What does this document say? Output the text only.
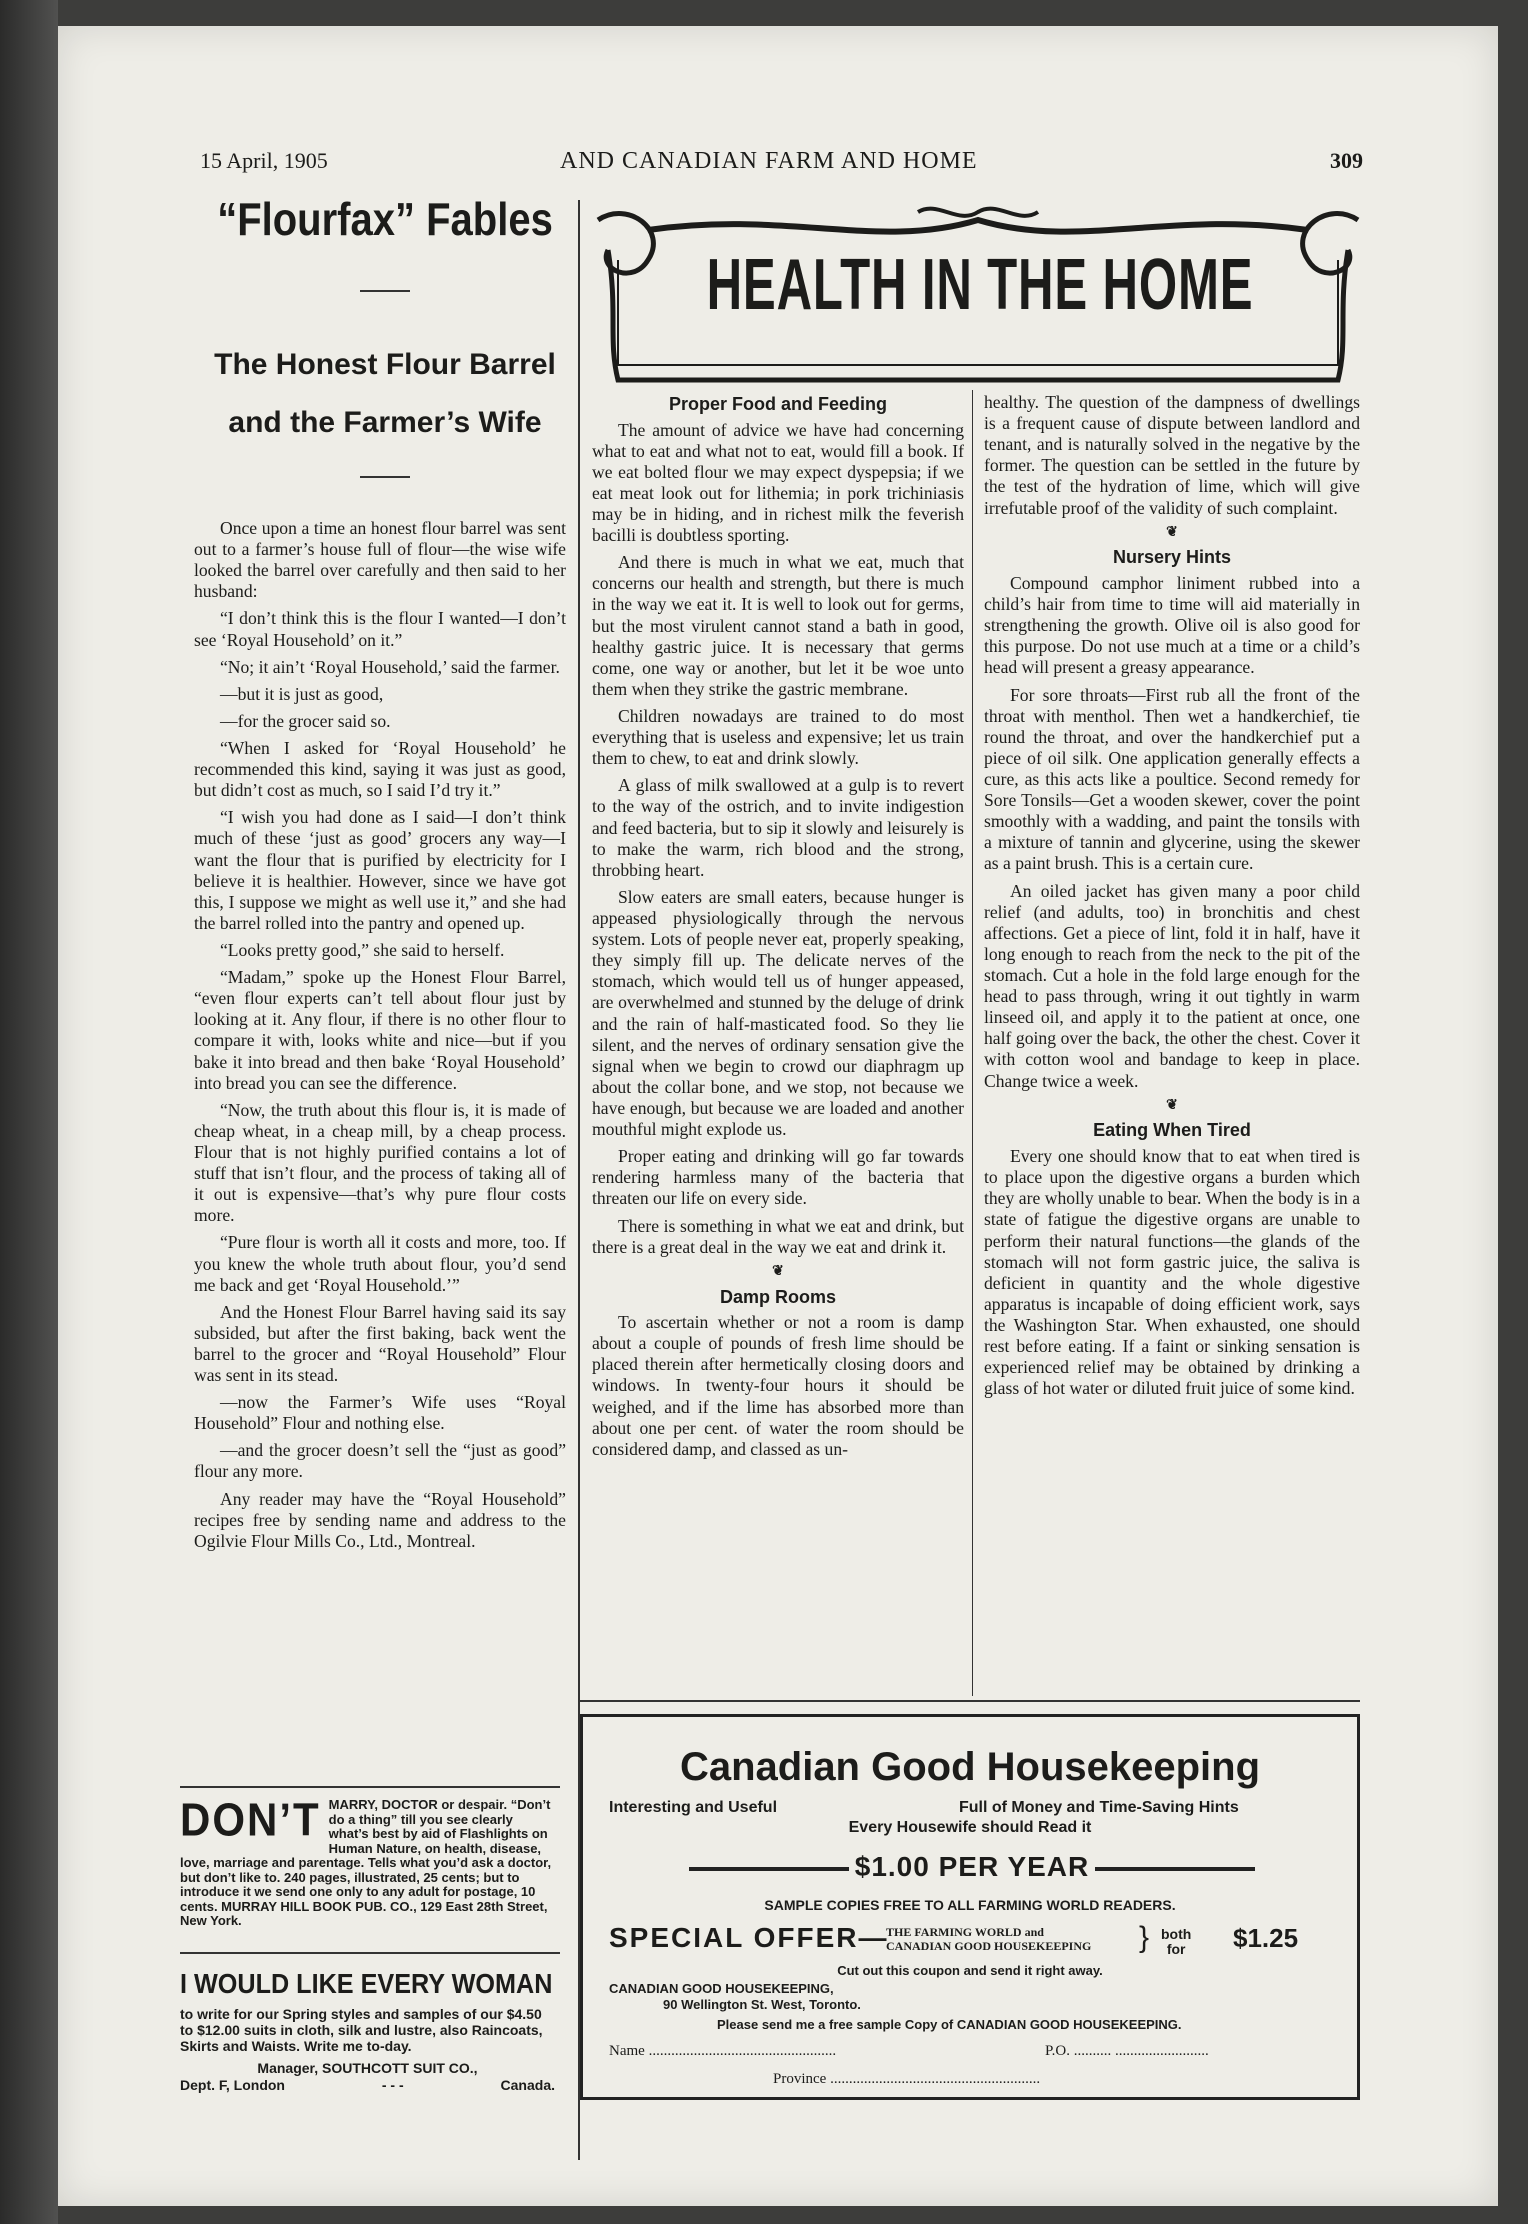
15 April, 1905	AND CANADIAN FARM AND HOME	309
“Flourfax” Fables
The Honest Flour Barrel
and the Farmer’s Wife

Once upon a time an honest flour barrel was sent out to a farmer’s house full of flour—the wise wife looked the barrel over carefully and then said to her husband:

“I don’t think this is the flour I wanted—I don’t see ‘Royal Household’ on it.”

“No; it ain’t ‘Royal Household,’ said the farmer.

—but it is just as good,

—for the grocer said so.

“When I asked for ‘Royal Household’ he recommended this kind, saying it was just as good, but didn’t cost as much, so I said I’d try it.”

“I wish you had done as I said—I don’t think much of these ‘just as good’ grocers any way—I want the flour that is purified by electricity for I believe it is healthier. However, since we have got this, I suppose we might as well use it,” and she had the barrel rolled into the pantry and opened up.

“Looks pretty good,” she said to herself.

“Madam,” spoke up the Honest Flour Barrel, “even flour experts can’t tell about flour just by looking at it. Any flour, if there is no other flour to compare it with, looks white and nice—but if you bake it into bread and then bake ‘Royal Household’ into bread you can see the difference.

“Now, the truth about this flour is, it is made of cheap wheat, in a cheap mill, by a cheap process. Flour that is not highly purified contains a lot of stuff that isn’t flour, and the process of taking all of it out is expensive—that’s why pure flour costs more.

“Pure flour is worth all it costs and more, too. If you knew the whole truth about flour, you’d send me back and get ‘Royal Household.’”

And the Honest Flour Barrel having said its say subsided, but after the first baking, back went the barrel to the grocer and “Royal Household” Flour was sent in its stead.

—now the Farmer’s Wife uses “Royal Household” Flour and nothing else.

—and the grocer doesn’t sell the “just as good” flour any more.

Any reader may have the “Royal Household” recipes free by sending name and address to the Ogilvie Flour Mills Co., Ltd., Montreal.

DON’T MARRY, DOCTOR or despair. “Don’t do a thing” till you see clearly what’s best by aid of Flashlights on Human Nature, on health, disease, love, marriage and parentage. Tells what you’d ask a doctor, but don’t like to. 240 pages, illustrated, 25 cents; but to introduce it we send one only to any adult for postage, 10 cents. MURRAY HILL BOOK PUB. CO., 129 East 28th Street, New York.
I WOULD LIKE EVERY WOMAN
to write for our Spring styles and samples of our $4.50 to $12.00 suits in cloth, silk and lustre, also Raincoats, Skirts and Waists. Write me to-day.
Manager, SOUTHCOTT SUIT CO.,
Dept. F, London	- - -	Canada.
HEALTH IN THE HOME
Proper Food and Feeding

The amount of advice we have had concerning what to eat and what not to eat, would fill a book. If we eat bolted flour we may expect dyspepsia; if we eat meat look out for lithemia; in pork trichiniasis may be in hiding, and in richest milk the feverish bacilli is doubtless sporting.

And there is much in what we eat, much that concerns our health and strength, but there is much in the way we eat it. It is well to look out for germs, but the most virulent cannot stand a bath in good, healthy gastric juice. It is necessary that germs come, one way or another, but let it be woe unto them when they strike the gastric membrane.

Children nowadays are trained to do most everything that is useless and expensive; let us train them to chew, to eat and drink slowly.

A glass of milk swallowed at a gulp is to revert to the way of the ostrich, and to invite indigestion and feed bacteria, but to sip it slowly and leisurely is to make the warm, rich blood and the strong, throbbing heart.

Slow eaters are small eaters, because hunger is appeased physiologically through the nervous system. Lots of people never eat, properly speaking, they simply fill up. The delicate nerves of the stomach, which would tell us of hunger appeased, are overwhelmed and stunned by the deluge of drink and the rain of half-masticated food. So they lie silent, and the nerves of ordinary sensation give the signal when we begin to crowd our diaphragm up about the collar bone, and we stop, not because we have enough, but because we are loaded and another mouthful might explode us.

Proper eating and drinking will go far towards rendering harmless many of the bacteria that threaten our life on every side.

There is something in what we eat and drink, but there is a great deal in the way we eat and drink it.

❦
Damp Rooms

To ascertain whether or not a room is damp about a couple of pounds of fresh lime should be placed therein after hermetically closing doors and windows. In twenty-four hours it should be weighed, and if the lime has absorbed more than about one per cent. of water the room should be considered damp, and classed as un-

healthy. The question of the dampness of dwellings is a frequent cause of dispute between landlord and tenant, and is naturally solved in the negative by the former. The question can be settled in the future by the test of the hydration of lime, which will give irrefutable proof of the validity of such complaint.

❦
Nursery Hints

Compound camphor liniment rubbed into a child’s hair from time to time will aid materially in strengthening the growth. Olive oil is also good for this purpose. Do not use much at a time or a child’s head will present a greasy appearance.

For sore throats—First rub all the front of the throat with menthol. Then wet a handkerchief, tie round the throat, and over the handkerchief put a piece of oil silk. One application generally effects a cure, as this acts like a poultice. Second remedy for Sore Tonsils—Get a wooden skewer, cover the point smoothly with a wadding, and paint the tonsils with a mixture of tannin and glycerine, using the skewer as a paint brush. This is a certain cure.

An oiled jacket has given many a poor child relief (and adults, too) in bronchitis and chest affections. Get a piece of lint, fold it in half, have it long enough to reach from the neck to the pit of the stomach. Cut a hole in the fold large enough for the head to pass through, wring it out tightly in warm linseed oil, and apply it to the patient at once, one half going over the back, the other the chest. Cover it with cotton wool and bandage to keep in place. Change twice a week.

❦
Eating When Tired

Every one should know that to eat when tired is to place upon the digestive organs a burden which they are wholly unable to bear. When the body is in a state of fatigue the digestive organs are unable to perform their natural functions—the glands of the stomach will not form gastric juice, the saliva is deficient in quantity and the whole digestive apparatus is incapable of doing efficient work, says the Washington Star. When exhausted, one should rest before eating. If a faint or sinking sensation is experienced relief may be obtained by drinking a glass of hot water or diluted fruit juice of some kind.

Canadian Good Housekeeping
Interesting and Useful	Full of Money and Time-Saving Hints
Every Housewife should Read it
$1.00 PER YEAR
SAMPLE COPIES FREE TO ALL FARMING WORLD READERS.
SPECIAL OFFER—
THE FARMING WORLD and
CANADIAN GOOD HOUSEKEEPING } both
for $1.25
Cut out this coupon and send it right away.
CANADIAN GOOD HOUSEKEEPING,
90 Wellington St. West, Toronto.
Please send me a free sample Copy of CANADIAN GOOD HOUSEKEEPING.
Name ..................................................	P.O. .......... .........................
Province ........................................................
